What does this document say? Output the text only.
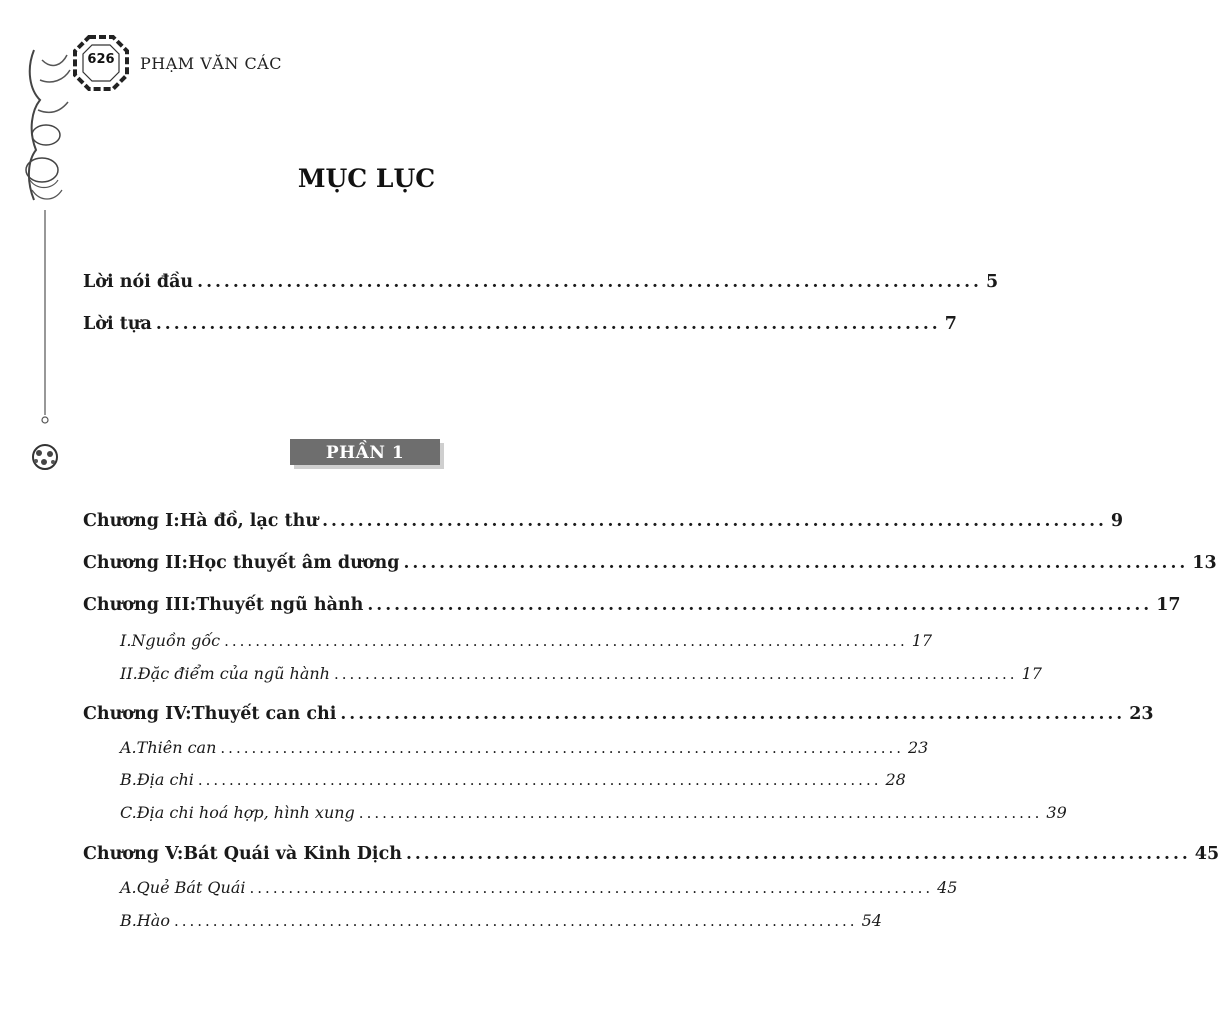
626	PHẠM VĂN CÁC
MỤC LỤC
Lời nói đầu ........................................................................................ 5
Lời tựa ........................................................................................ 7
PHẦN 1
Chương I: Hà đồ, lạc thư ........................................................................................ 9
Chương II: Học thuyết âm dương ........................................................................................ 13
Chương III: Thuyết ngũ hành ........................................................................................ 17
I. Nguồn gốc ........................................................................................ 17
II. Đặc điểm của ngũ hành ........................................................................................ 17
Chương IV: Thuyết can chi ........................................................................................ 23
A. Thiên can ........................................................................................ 23
B. Địa chi ........................................................................................ 28
C. Địa chi hoá hợp, hình xung ........................................................................................ 39
Chương V: Bát Quái và Kinh Dịch ........................................................................................ 45
A. Quẻ Bát Quái ........................................................................................ 45
B. Hào ........................................................................................ 54
